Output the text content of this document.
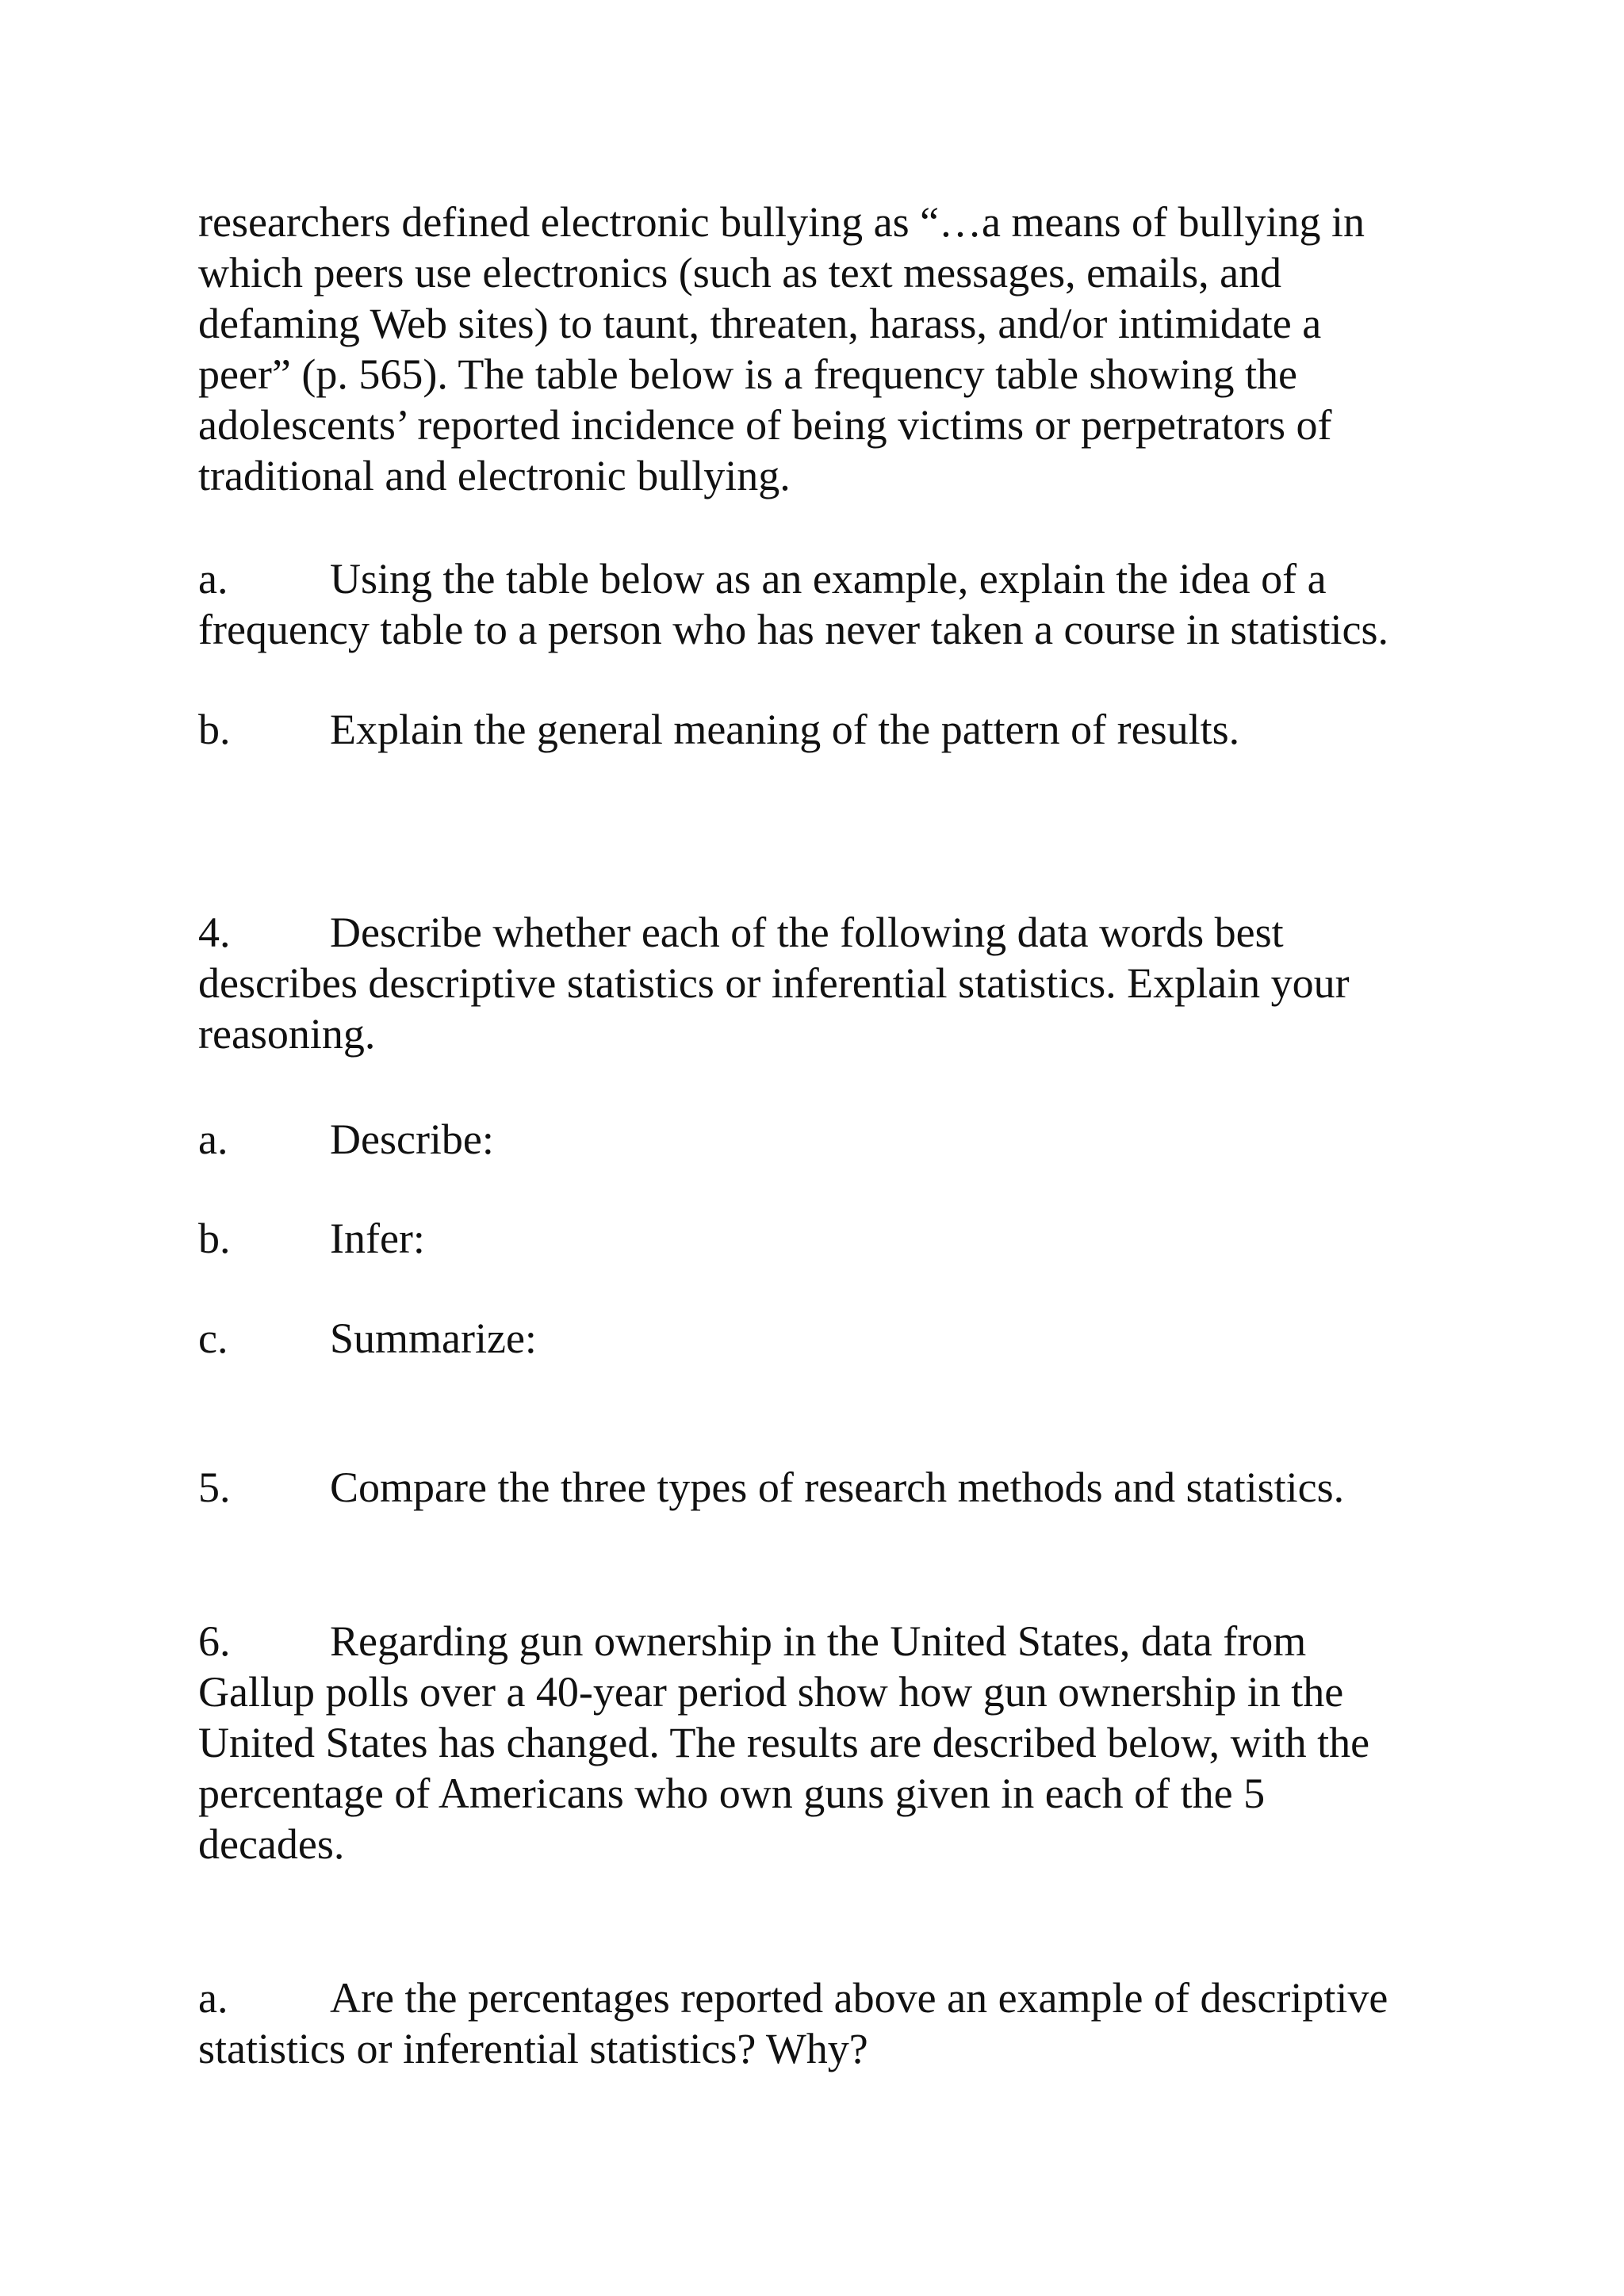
researchers defined electronic bullying as “…a means of bullying in
which peers use electronics (such as text messages, emails, and
defaming Web sites) to taunt, threaten, harass, and/or intimidate a
peer” (p. 565). The table below is a frequency table showing the
adolescents’ reported incidence of being victims or perpetrators of
traditional and electronic bullying.
a. Using the table below as an example, explain the idea of a
frequency table to a person who has never taken a course in statistics.
b. Explain the general meaning of the pattern of results.
4. Describe whether each of the following data words best
describes descriptive statistics or inferential statistics. Explain your
reasoning.
a. Describe:
b. Infer:
c. Summarize:
5. Compare the three types of research methods and statistics.
6. Regarding gun ownership in the United States, data from
Gallup polls over a 40-year period show how gun ownership in the
United States has changed. The results are described below, with the
percentage of Americans who own guns given in each of the 5
decades.
a. Are the percentages reported above an example of descriptive
statistics or inferential statistics? Why?
